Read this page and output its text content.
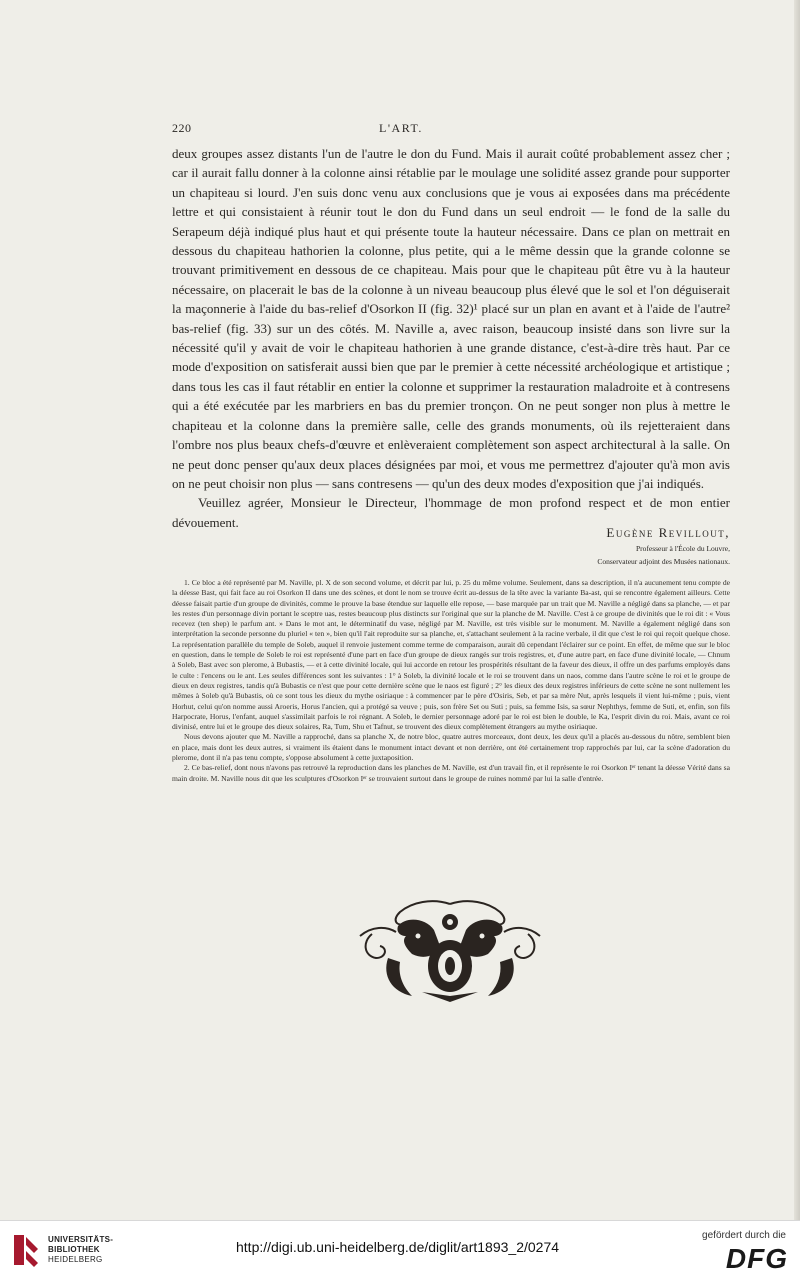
220	L'ART.

deux groupes assez distants l'un de l'autre le don du Fund. Mais il aurait coûté probablement assez cher ; car il aurait fallu donner à la colonne ainsi rétablie par le moulage une solidité assez grande pour supporter un chapiteau si lourd. J'en suis donc venu aux conclusions que je vous ai exposées dans ma précédente lettre et qui consistaient à réunir tout le don du Fund dans un seul endroit — le fond de la salle du Serapeum déjà indiqué plus haut et qui présente toute la hauteur nécessaire. Dans ce plan on mettrait en dessous du chapiteau hathorien la colonne, plus petite, qui a le même dessin que la grande colonne se trouvant primitivement en dessous de ce chapiteau. Mais pour que le chapiteau pût être vu à la hauteur nécessaire, on placerait le bas de la colonne à un niveau beaucoup plus élevé que le sol et l'on déguiserait la maçonnerie à l'aide du bas-relief d'Osorkon II (fig. 32)¹ placé sur un plan en avant et à l'aide de l'autre² bas-relief (fig. 33) sur un des côtés. M. Naville a, avec raison, beaucoup insisté dans son livre sur la nécessité qu'il y avait de voir le chapiteau hathorien à une grande distance, c'est-à-dire très haut. Par ce mode d'exposition on satisferait aussi bien que par le premier à cette nécessité archéologique et artistique ; dans tous les cas il faut rétablir en entier la colonne et supprimer la restauration maladroite et à contresens qui a été exécutée par les marbriers en bas du premier tronçon. On ne peut songer non plus à mettre le chapiteau et la colonne dans la première salle, celle des grands monuments, où ils rejetteraient dans l'ombre nos plus beaux chefs-d'œuvre et enlèveraient complètement son aspect architectural à la salle. On ne peut donc penser qu'aux deux places désignées par moi, et vous me permettrez d'ajouter qu'à mon avis on ne peut choisir non plus — sans contresens — qu'un des deux modes d'exposition que j'ai indiqués.

Veuillez agréer, Monsieur le Directeur, l'hommage de mon profond respect et de mon entier dévouement.

Eugène Revillout,
Professeur à l'École du Louvre,
Conservateur adjoint des Musées nationaux.

1. Ce bloc a été représenté par M. Naville, pl. X de son second volume, et décrit par lui, p. 25 du même volume. Seulement, dans sa description, il n'a aucunement tenu compte de la déesse Bast, qui fait face au roi Osorkon II dans une des scènes, et dont le nom se trouve écrit au-dessus de la tête avec la variante Ba-ast, qui se rencontre également ailleurs. Cette déesse faisait partie d'un groupe de divinités, comme le prouve la base étendue sur laquelle elle repose, — base marquée par un trait que M. Naville a négligé dans sa planche, — et par les restes d'un personnage divin portant le sceptre uas, restes beaucoup plus distincts sur l'original que sur la planche de M. Naville. C'est à ce groupe de divinités que le roi dit : « Vous recevez (ten shep) le parfum ant. » Dans le mot ant, le déterminatif du vase, négligé par M. Naville, est très visible sur le monument. M. Naville a également négligé dans son interprétation la seconde personne du pluriel « ten », bien qu'il l'ait reproduite sur sa planche, et, s'attachant seulement à la racine verbale, il dit que c'est le roi qui reçoit quelque chose. La représentation parallèle du temple de Soleb, auquel il renvoie justement comme terme de comparaison, aurait dû cependant l'éclairer sur ce point. En effet, de même que sur le bloc en question, dans le temple de Soleb le roi est représenté d'une part en face d'un groupe de dieux rangés sur trois registres, et, d'une autre part, en face d'une divinité locale, — Chnum à Soleb, Bast avec son plerome, à Bubastis, — et à cette divinité locale, qui lui accorde en retour les prospérités résultant de la faveur des dieux, il offre un des parfums employés dans le culte : l'encens ou le ant. Les seules différences sont les suivantes : 1° à Soleb, la divinité locale et le roi se trouvent dans un naos, comme dans l'autre scène le roi et le groupe de dieux en deux registres, tandis qu'à Bubastis ce n'est que pour cette dernière scène que le naos est figuré ; 2° les dieux des deux registres inférieurs de cette scène ne sont nullement les mêmes à Soleb qu'à Bubastis, où ce sont tous les dieux du mythe osiriaque : à commencer par le père d'Osiris, Seb, et par sa mère Nut, après lesquels il vient lui-même ; puis, vient Horhut, celui qu'on nomme aussi Aroeris, Horus l'ancien, qui a protégé sa veuve ; puis, son frère Set ou Suti ; puis, sa femme Isis, sa sœur Nephthys, femme de Suti, et, enfin, son fils Harpocrate, Horus, l'enfant, auquel s'assimilait parfois le roi régnant. A Soleb, le dernier personnage adoré par le roi est bien le double, le Ka, l'esprit divin du roi. Mais, avant ce roi divinisé, entre lui et le groupe des dieux solaires, Ra, Tum, Shu et Tafnut, se trouvent des dieux complètement étrangers au mythe osiriaque.

Nous devons ajouter que M. Naville a rapproché, dans sa planche X, de notre bloc, quatre autres morceaux, dont deux, les deux qu'il a placés au-dessous du nôtre, semblent bien en place, mais dont les deux autres, si vraiment ils étaient dans le monument intact devant et non derrière, ont été certainement trop rapprochés par lui, car la scène d'adoration du plerome, dont il n'a pas tenu compte, s'oppose absolument à cette juxtaposition.

2. Ce bas-relief, dont nous n'avons pas retrouvé la reproduction dans les planches de M. Naville, est d'un travail fin, et il représente le roi Osorkon Iᵉʳ tenant la déesse Vérité dans sa main droite. M. Naville nous dit que les sculptures d'Osorkon Iᵉʳ se trouvaient surtout dans le groupe de ruines nommé par lui la salle d'entrée.

UNIVERSITÄTS-
BIBLIOTHEK
HEIDELBERG
http://digi.ub.uni-heidelberg.de/diglit/art1893_2/0274
gefördert durch die
DFG
